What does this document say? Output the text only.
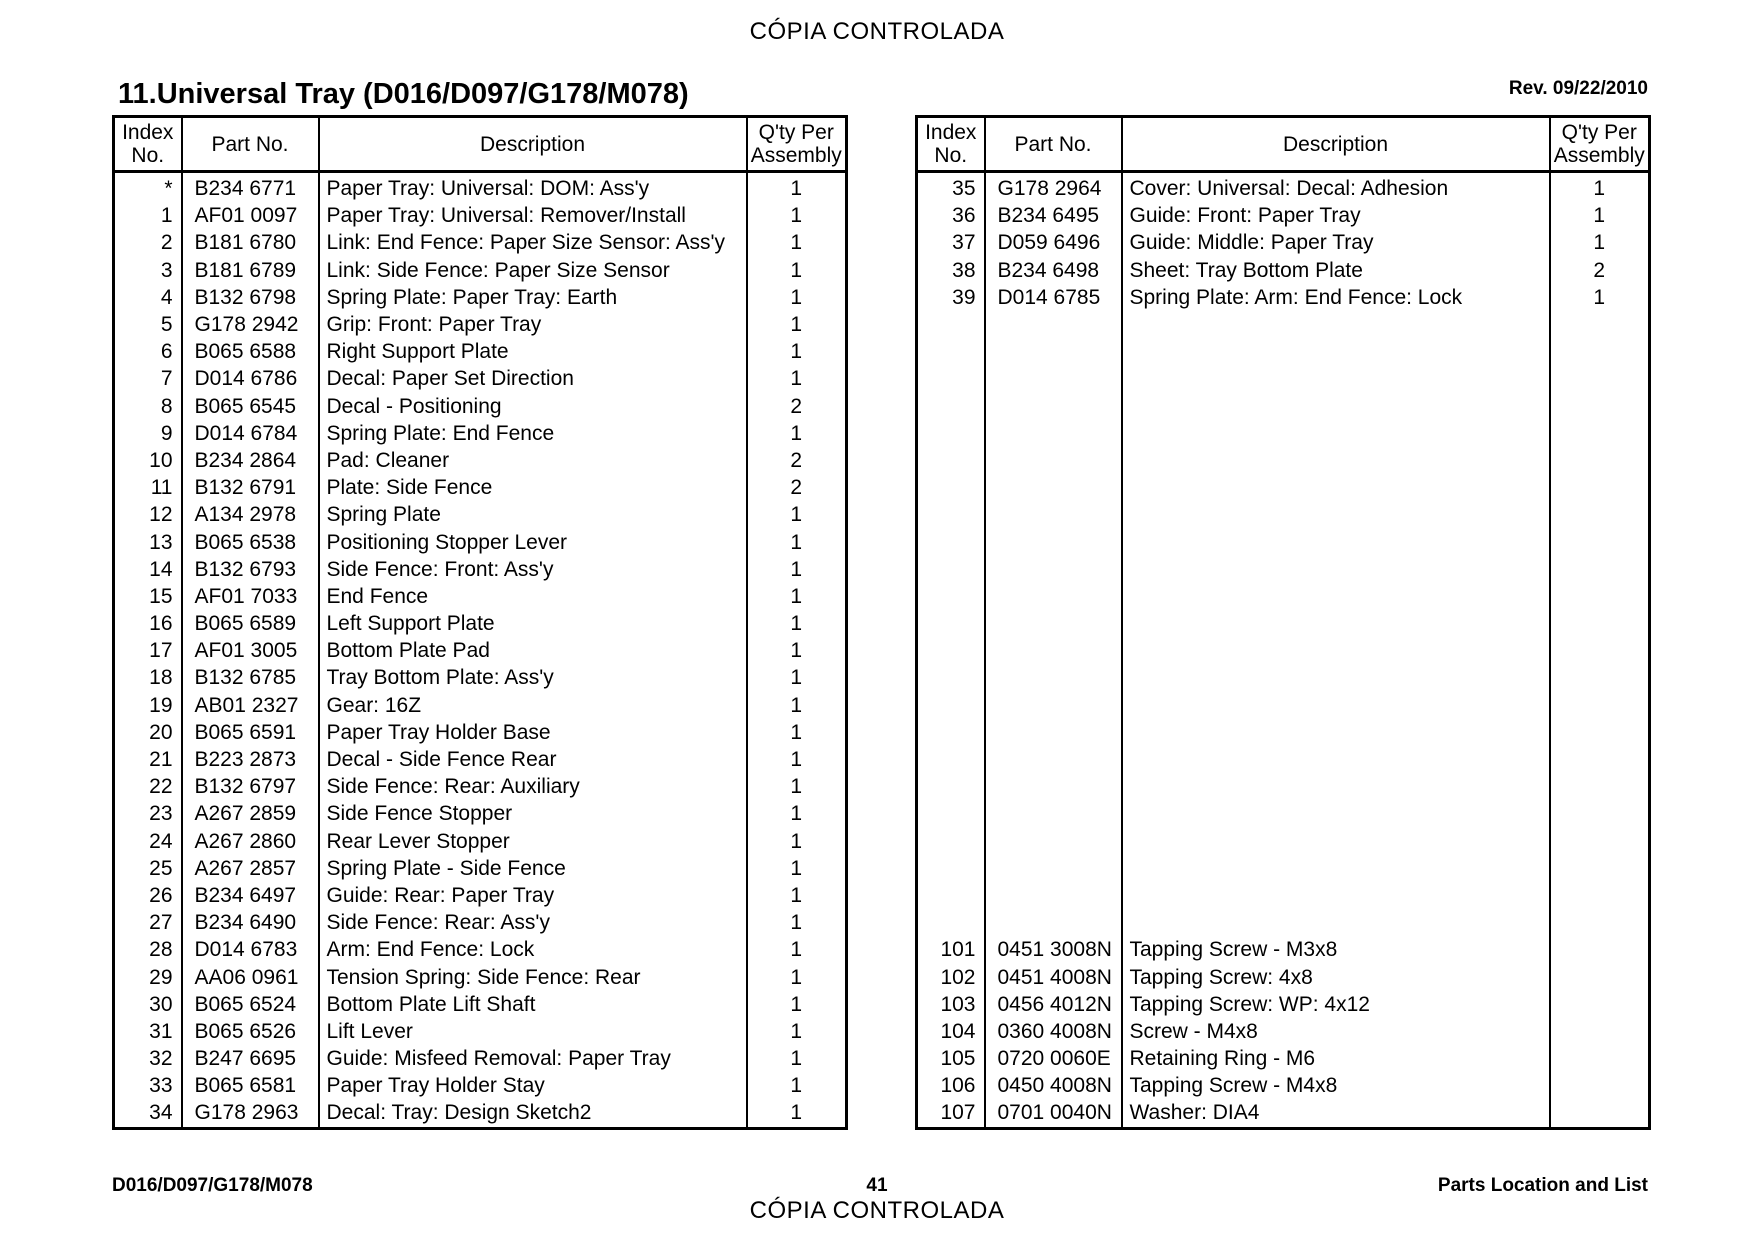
CÓPIA CONTROLADA
11.Universal Tray (D016/D097/G178/M078)	Rev. 09/22/2010
Index
No.	Part No.	Description	Q'ty Per
Assembly
*	B234 6771	Paper Tray: Universal: DOM: Ass'y	1
1	AF01 0097	Paper Tray: Universal: Remover/Install	1
2	B181 6780	Link: End Fence: Paper Size Sensor: Ass'y	1
3	B181 6789	Link: Side Fence: Paper Size Sensor	1
4	B132 6798	Spring Plate: Paper Tray: Earth	1
5	G178 2942	Grip: Front: Paper Tray	1
6	B065 6588	Right Support Plate	1
7	D014 6786	Decal: Paper Set Direction	1
8	B065 6545	Decal - Positioning	2
9	D014 6784	Spring Plate: End Fence	1
10	B234 2864	Pad: Cleaner	2
11	B132 6791	Plate: Side Fence	2
12	A134 2978	Spring Plate	1
13	B065 6538	Positioning Stopper Lever	1
14	B132 6793	Side Fence: Front: Ass'y	1
15	AF01 7033	End Fence	1
16	B065 6589	Left Support Plate	1
17	AF01 3005	Bottom Plate Pad	1
18	B132 6785	Tray Bottom Plate: Ass'y	1
19	AB01 2327	Gear: 16Z	1
20	B065 6591	Paper Tray Holder Base	1
21	B223 2873	Decal - Side Fence Rear	1
22	B132 6797	Side Fence: Rear: Auxiliary	1
23	A267 2859	Side Fence Stopper	1
24	A267 2860	Rear Lever Stopper	1
25	A267 2857	Spring Plate - Side Fence	1
26	B234 6497	Guide: Rear: Paper Tray	1
27	B234 6490	Side Fence: Rear: Ass'y	1
28	D014 6783	Arm: End Fence: Lock	1
29	AA06 0961	Tension Spring: Side Fence: Rear	1
30	B065 6524	Bottom Plate Lift Shaft	1
31	B065 6526	Lift Lever	1
32	B247 6695	Guide: Misfeed Removal: Paper Tray	1
33	B065 6581	Paper Tray Holder Stay	1
34	G178 2963	Decal: Tray: Design Sketch2	1
Index
No.	Part No.	Description	Q'ty Per
Assembly
35	G178 2964	Cover: Universal: Decal: Adhesion	1
36	B234 6495	Guide: Front: Paper Tray	1
37	D059 6496	Guide: Middle: Paper Tray	1
38	B234 6498	Sheet: Tray Bottom Plate	2
39	D014 6785	Spring Plate: Arm: End Fence: Lock	1

101	0451 3008N	Tapping Screw - M3x8	
102	0451 4008N	Tapping Screw: 4x8	
103	0456 4012N	Tapping Screw: WP: 4x12	
104	0360 4008N	Screw - M4x8	
105	0720 0060E	Retaining Ring - M6	
106	0450 4008N	Tapping Screw - M4x8	
107	0701 0040N	Washer: DIA4	
D016/D097/G178/M078	41	Parts Location and List
CÓPIA CONTROLADA
